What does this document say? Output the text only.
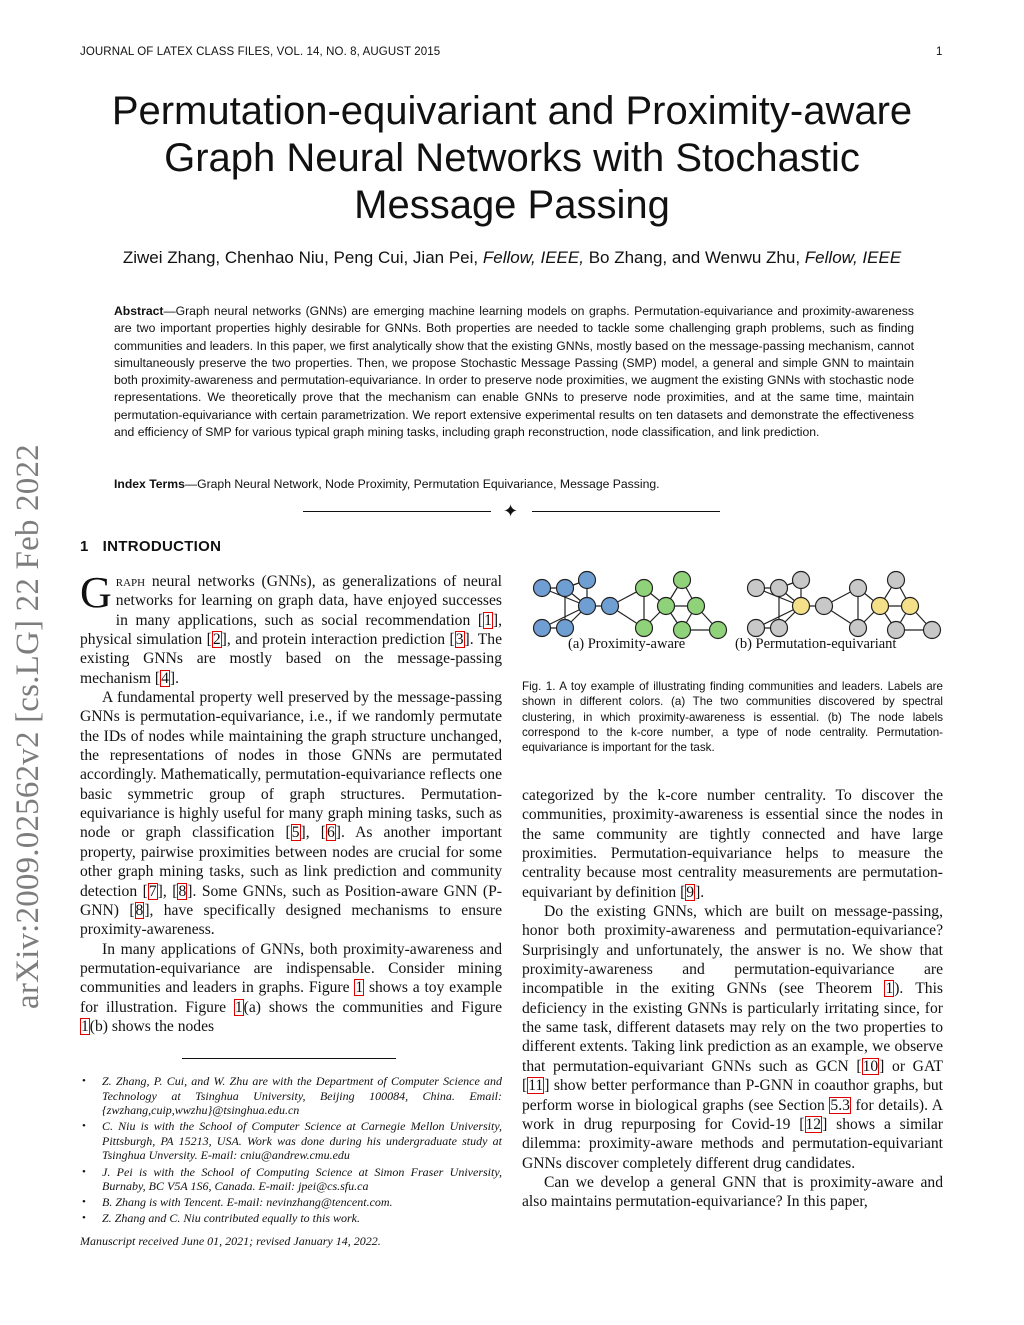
JOURNAL OF LATEX CLASS FILES, VOL. 14, NO. 8, AUGUST 2015	1
arXiv:2009.02562v2 [cs.LG] 22 Feb 2022
Permutation-equivariant and Proximity-aware
Graph Neural Networks with Stochastic
Message Passing
Ziwei Zhang, Chenhao Niu, Peng Cui, Jian Pei, Fellow, IEEE, Bo Zhang, and Wenwu Zhu, Fellow, IEEE
Abstract—Graph neural networks (GNNs) are emerging machine learning models on graphs. Permutation-equivariance and proximity-awareness are two important properties highly desirable for GNNs. Both properties are needed to tackle some challenging graph problems, such as finding communities and leaders. In this paper, we first analytically show that the existing GNNs, mostly based on the message-passing mechanism, cannot simultaneously preserve the two properties. Then, we propose Stochastic Message Passing (SMP) model, a general and simple GNN to maintain both proximity-awareness and permutation-equivariance. In order to preserve node proximities, we augment the existing GNNs with stochastic node representations. We theoretically prove that the mechanism can enable GNNs to preserve node proximities, and at the same time, maintain permutation-equivariance with certain parametrization. We report extensive experimental results on ten datasets and demonstrate the effectiveness and efficiency of SMP for various typical graph mining tasks, including graph reconstruction, node classification, and link prediction.
Index Terms—Graph Neural Network, Node Proximity, Permutation Equivariance, Message Passing.
✦
1 INTRODUCTION

Graph neural networks (GNNs), as generalizations of neural networks for learning on graph data, have enjoyed successes in many applications, such as social recommendation [1], physical simulation [2], and protein interaction prediction [3]. The existing GNNs are mostly based on the message-passing mechanism [4].

A fundamental property well preserved by the message-passing GNNs is permutation-equivariance, i.e., if we randomly permutate the IDs of nodes while maintaining the graph structure unchanged, the representations of nodes in those GNNs are permutated accordingly. Mathematically, permutation-equivariance reflects one basic symmetric group of graph structures. Permutation-equivariance is highly useful for many graph mining tasks, such as node or graph classification [5], [6]. As another important property, pairwise proximities between nodes are crucial for some other graph mining tasks, such as link prediction and community detection [7], [8]. Some GNNs, such as Position-aware GNN (P-GNN) [8], have specifically designed mechanisms to ensure proximity-awareness.

In many applications of GNNs, both proximity-awareness and permutation-equivariance are indispensable. Consider mining communities and leaders in graphs. Figure 1 shows a toy example for illustration. Figure 1(a) shows the communities and Figure 1(b) shows the nodes

(a) Proximity-aware	(b) Permutation-equivariant
Fig. 1. A toy example of illustrating finding communities and leaders. Labels are shown in different colors. (a) The two communities discovered by spectral clustering, in which proximity-awareness is essential. (b) The node labels correspond to the k-core number, a type of node centrality. Permutation-equivariance is important for the task.

categorized by the k-core number centrality. To discover the communities, proximity-awareness is essential since the nodes in the same community are tightly connected and have large proximities. Permutation-equivariance helps to measure the centrality because most centrality measurements are permutation-equivariant by definition [9].

Do the existing GNNs, which are built on message-passing, honor both proximity-awareness and permutation-equivariance? Surprisingly and unfortunately, the answer is no. We show that proximity-awareness and permutation-equivariance are incompatible in the exiting GNNs (see Theorem 1). This deficiency in the existing GNNs is particularly irritating since, for the same task, different datasets may rely on the two properties to different extents. Taking link prediction as an example, we observe that permutation-equivariant GNNs such as GCN [10] or GAT [11] show better performance than P-GNN in coauthor graphs, but perform worse in biological graphs (see Section 5.3 for details). A work in drug repurposing for Covid-19 [12] shows a similar dilemma: proximity-aware methods and permutation-equivariant GNNs discover completely different drug candidates.

Can we develop a general GNN that is proximity-aware and also maintains permutation-equivariance? In this paper,

• Z. Zhang, P. Cui, and W. Zhu are with the Department of Computer Science and Technology at Tsinghua University, Beijing 100084, China. Email: {zwzhang,cuip,wwzhu}@tsinghua.edu.cn
• C. Niu is with the School of Computer Science at Carnegie Mellon University, Pittsburgh, PA 15213, USA. Work was done during his undergraduate study at Tsinghua Unversity. E-mail: cniu@andrew.cmu.edu
• J. Pei is with the School of Computing Science at Simon Fraser University, Burnaby, BC V5A 1S6, Canada. E-mail: jpei@cs.sfu.ca
• B. Zhang is with Tencent. E-mail: nevinzhang@tencent.com.
• Z. Zhang and C. Niu contributed equally to this work.
Manuscript received June 01, 2021; revised January 14, 2022.
